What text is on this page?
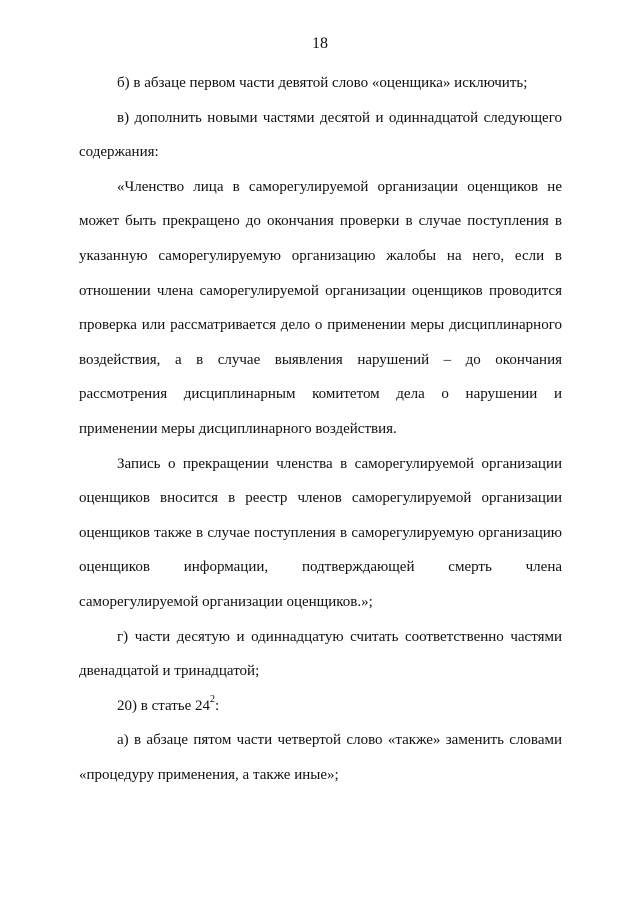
18
б) в абзаце первом части девятой слово «оценщика» исключить;
в) дополнить новыми частями десятой и одиннадцатой следующего
содержания:
«Членство лица в саморегулируемой организации оценщиков не
может быть прекращено до окончания проверки в случае поступления в
указанную саморегулируемую организацию жалобы на него, если в
отношении члена саморегулируемой организации оценщиков проводится
проверка или рассматривается дело о применении меры дисциплинарного
воздействия, а в случае выявления нарушений – до окончания
рассмотрения дисциплинарным комитетом дела о нарушении и
применении меры дисциплинарного воздействия.
Запись о прекращении членства в саморегулируемой организации
оценщиков вносится в реестр членов саморегулируемой организации
оценщиков также в случае поступления в саморегулируемую организацию
оценщиков информации, подтверждающей смерть члена
саморегулируемой организации оценщиков.»;
г) части десятую и одиннадцатую считать соответственно частями
двенадцатой и тринадцатой;
20) в статье $24^2$:
а) в абзаце пятом части четвертой слово «также» заменить словами
«процедуру применения, а также иные»;
